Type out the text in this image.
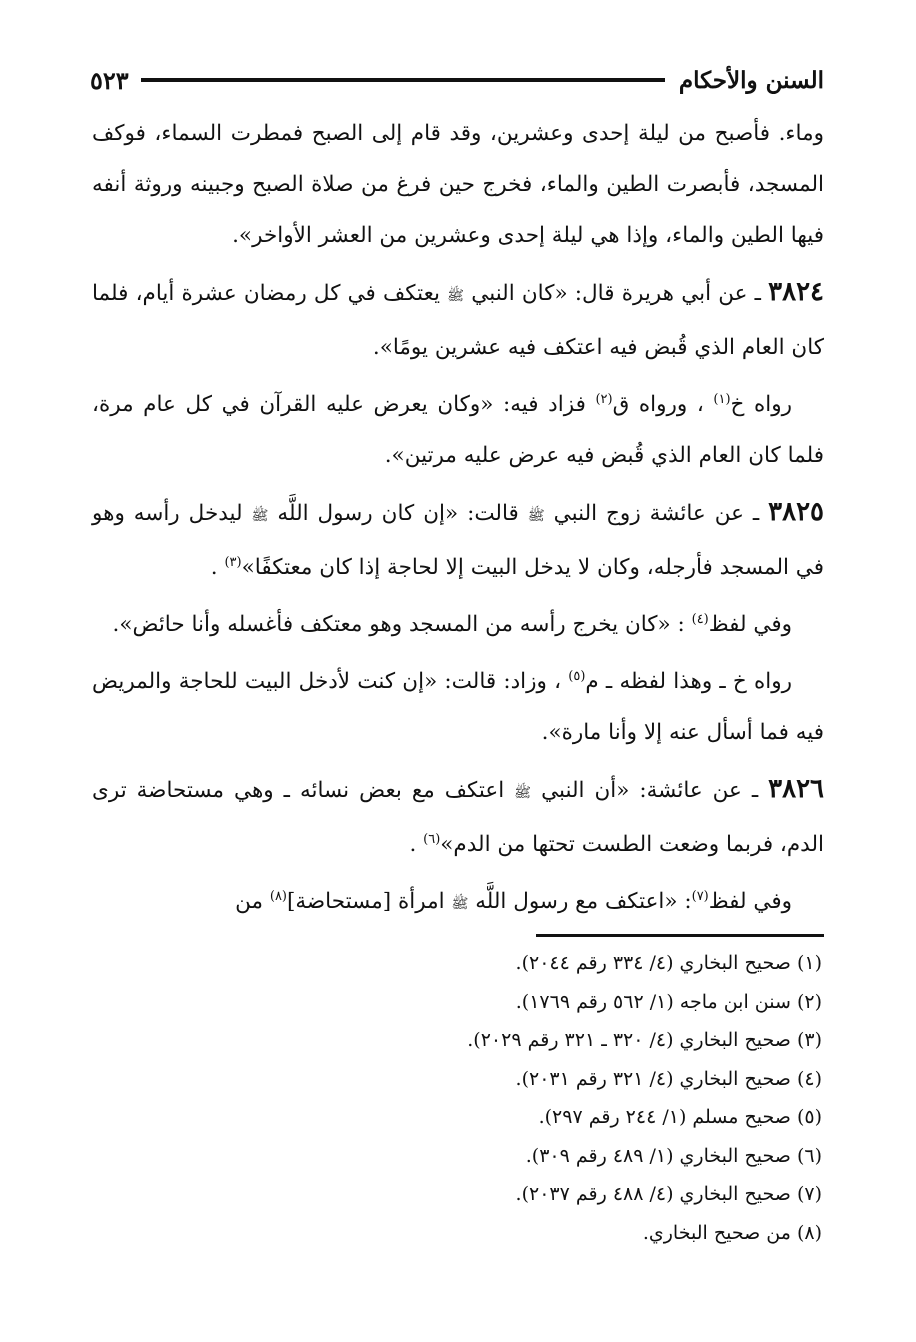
السنن والأحكام
٥٢٣

وماء. فأصبح من ليلة إحدى وعشرين، وقد قام إلى الصبح فمطرت السماء، فوكف المسجد، فأبصرت الطين والماء، فخرج حين فرغ من صلاة الصبح وجبينه وروثة أنفه فيها الطين والماء، وإذا هي ليلة إحدى وعشرين من العشر الأواخر».

٣٨٢٤ ـ عن أبي هريرة قال: «كان النبي ﷺ يعتكف في كل رمضان عشرة أيام، فلما كان العام الذي قُبض فيه اعتكف فيه عشرين يومًا».

رواه خ$^{(١)}$ ، ورواه ق$^{(٢)}$ فزاد فيه: «وكان يعرض عليه القرآن في كل عام مرة، فلما كان العام الذي قُبض فيه عرض عليه مرتين».

٣٨٢٥ ـ عن عائشة زوج النبي ﷺ قالت: «إن كان رسول اللَّه ﷺ ليدخل رأسه وهو في المسجد فأرجله، وكان لا يدخل البيت إلا لحاجة إذا كان معتكفًا»$^{(٣)}$ .

وفي لفظ$^{(٤)}$ : «كان يخرج رأسه من المسجد وهو معتكف فأغسله وأنا حائض».

رواه خ ـ وهذا لفظه ـ م$^{(٥)}$ ، وزاد: قالت: «إن كنت لأدخل البيت للحاجة والمريض فيه فما أسأل عنه إلا وأنا مارة».

٣٨٢٦ ـ عن عائشة: «أن النبي ﷺ اعتكف مع بعض نسائه ـ وهي مستحاضة ترى الدم، فربما وضعت الطست تحتها من الدم»$^{(٦)}$ .

وفي لفظ$^{(٧)}$: «اعتكف مع رسول اللَّه ﷺ امرأة [مستحاضة]$^{(٨)}$ من

(١) صحيح البخاري (٤/ ٣٣٤ رقم ٢٠٤٤).
(٢) سنن ابن ماجه (١/ ٥٦٢ رقم ١٧٦٩).
(٣) صحيح البخاري (٤/ ٣٢٠ ـ ٣٢١ رقم ٢٠٢٩).
(٤) صحيح البخاري (٤/ ٣٢١ رقم ٢٠٣١).
(٥) صحيح مسلم (١/ ٢٤٤ رقم ٢٩٧).
(٦) صحيح البخاري (١/ ٤٨٩ رقم ٣٠٩).
(٧) صحيح البخاري (٤/ ٤٨٨ رقم ٢٠٣٧).
(٨) من صحيح البخاري.
